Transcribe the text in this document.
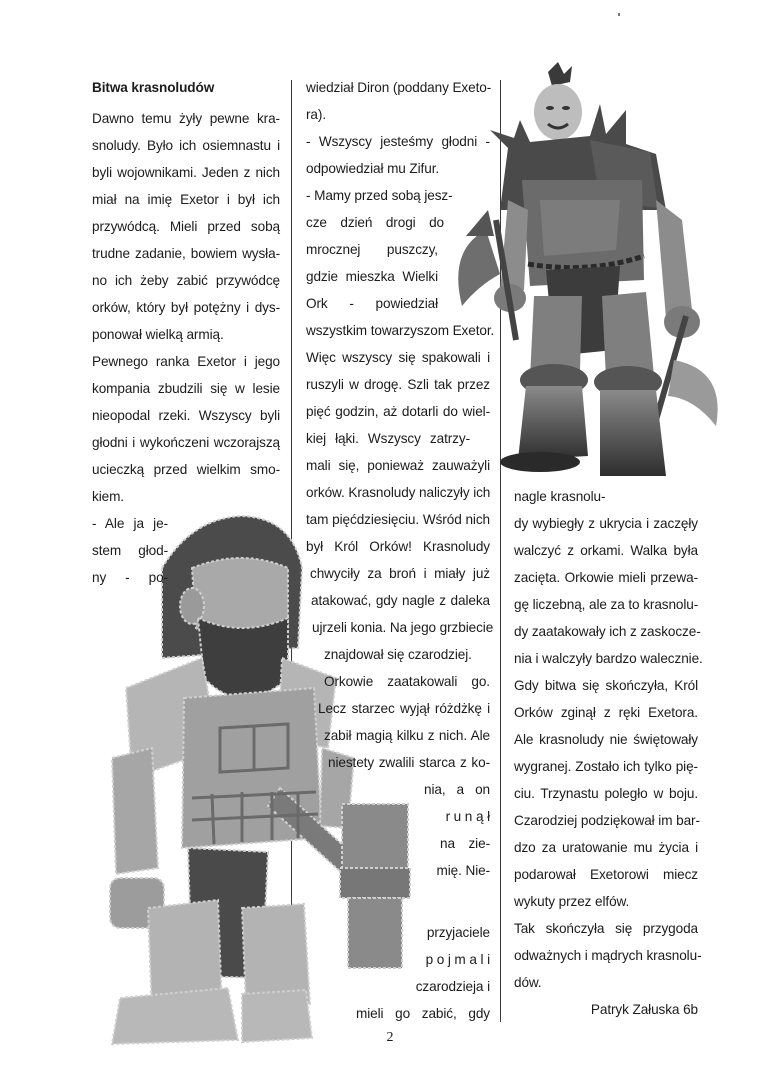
Bitwa krasnoludów
Dawno temu żyły pewne kra-
snoludy. Było ich osiemnastu i
byli wojownikami. Jeden z nich
miał na imię Exetor i był ich
przywódcą. Mieli przed sobą
trudne zadanie, bowiem wysła-
no ich żeby zabić przywódcę
orków, który był potężny i dys-
ponował wielką armią.
Pewnego ranka Exetor i jego
kompania zbudzili się w lesie
nieopodal rzeki. Wszyscy byli
głodni i wykończeni wczorajszą
ucieczką przed wielkim smo-
kiem.
- Ale ja je-
stem głod-
ny - po-
wiedział Diron (poddany Exeto-
ra).
- Wszyscy jesteśmy głodni -
odpowiedział mu Zifur.
- Mamy przed sobą jesz-
cze dzień drogi do
mrocznej puszczy,
gdzie mieszka Wielki
Ork - powiedział
wszystkim towarzyszom Exetor.
Więc wszyscy się spakowali i
ruszyli w drogę. Szli tak przez
pięć godzin, aż dotarli do wiel-
kiej łąki. Wszyscy zatrzy-
mali się, ponieważ zauważyli
orków. Krasnoludy naliczyły ich
tam pięćdziesięciu. Wśród nich
był Król Orków! Krasnoludy
chwyciły za broń i miały już
atakować, gdy nagle z daleka
ujrzeli konia. Na jego grzbiecie
znajdował się czarodziej.
Orkowie zaatakowali go.
Lecz starzec wyjął różdżkę i
zabił magią kilku z nich. Ale
niestety zwalili starca z ko-
nia, a on
r u n ą ł
na zie-
mię. Nie-
przyjaciele
p o j m a l i
czarodzieja i
mieli go zabić, gdy
nagle krasnolu-
dy wybiegły z ukrycia i zaczęły
walczyć z orkami. Walka była
zacięta. Orkowie mieli przewa-
gę liczebną, ale za to krasnolu-
dy zaatakowały ich z zaskocze-
nia i walczyły bardzo walecznie.
Gdy bitwa się skończyła, Król
Orków zginął z ręki Exetora.
Ale krasnoludy nie świętowały
wygranej. Zostało ich tylko pię-
ciu. Trzynastu poległo w boju.
Czarodziej podziękował im bar-
dzo za uratowanie mu życia i
podarował Exetorowi miecz
wykuty przez elfów.
Tak skończyła się przygoda
odważnych i mądrych krasnolu-
dów.
Patryk Załuska 6b
2
